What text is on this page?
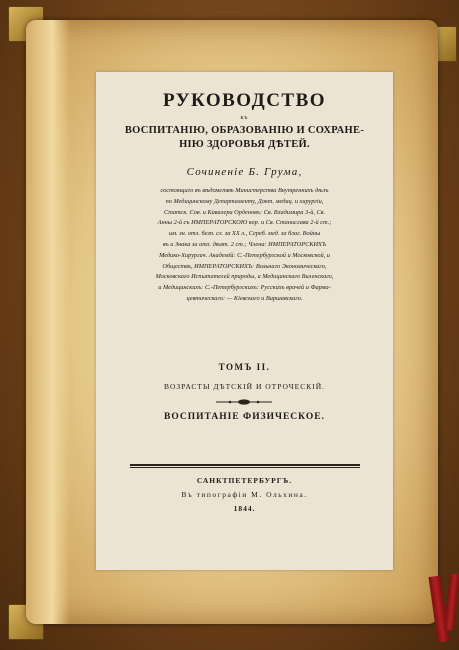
РУКОВОДСТВО
къ
ВОСПИТАНІЮ, ОБРАЗОВАНІЮ И СОХРАНЕ-
НІЮ ЗДОРОВЬЯ ДѢТЕЙ.
Сочиненіе Б. Грума,
состоящаго въ вѣдомствѣ Министерства Внутреннихъ дѣлъ
по Медицинскому Департаменту, Докт. медиц. и хирургіи,
Статск. Сов. и Кавалера Орденовъ: Св. Владимира 3-й, Св.
Анны 2-й съ ИМПЕРАТОРСКОЮ кор. и Св. Станислава 2-й ст.;
им. зн. отл. безп. сл. за XX л., Сереб. мед. за благ. Войны
въ и Знака за отл. дѣят. 2 ст.; Члена: ИМПЕРАТОРСКИХЪ
Медико-Хирургич. Академій: С.-Петербургской и Московской, и
Обществъ, ИМПЕРАТОРСКИХЪ: Вольнаго Экономическаго,
Московскаго Испытателей природы, и Медицинскаго Виленскаго,
и Медицинскихъ: С.-Петербургскихъ: Русскихъ врачей и Фарма-
цевтическаго: — Кіевскаго и Варшавскаго.
ТОМЪ II.
ВОЗРАСТЫ ДѢТСКІЙ И ОТРОЧЕСКІЙ.
ВОСПИТАНІЕ ФИЗИЧЕСКОЕ.
САНКТПЕТЕРБУРГЪ.
Въ типографіи М. Ольхина.
1844.
